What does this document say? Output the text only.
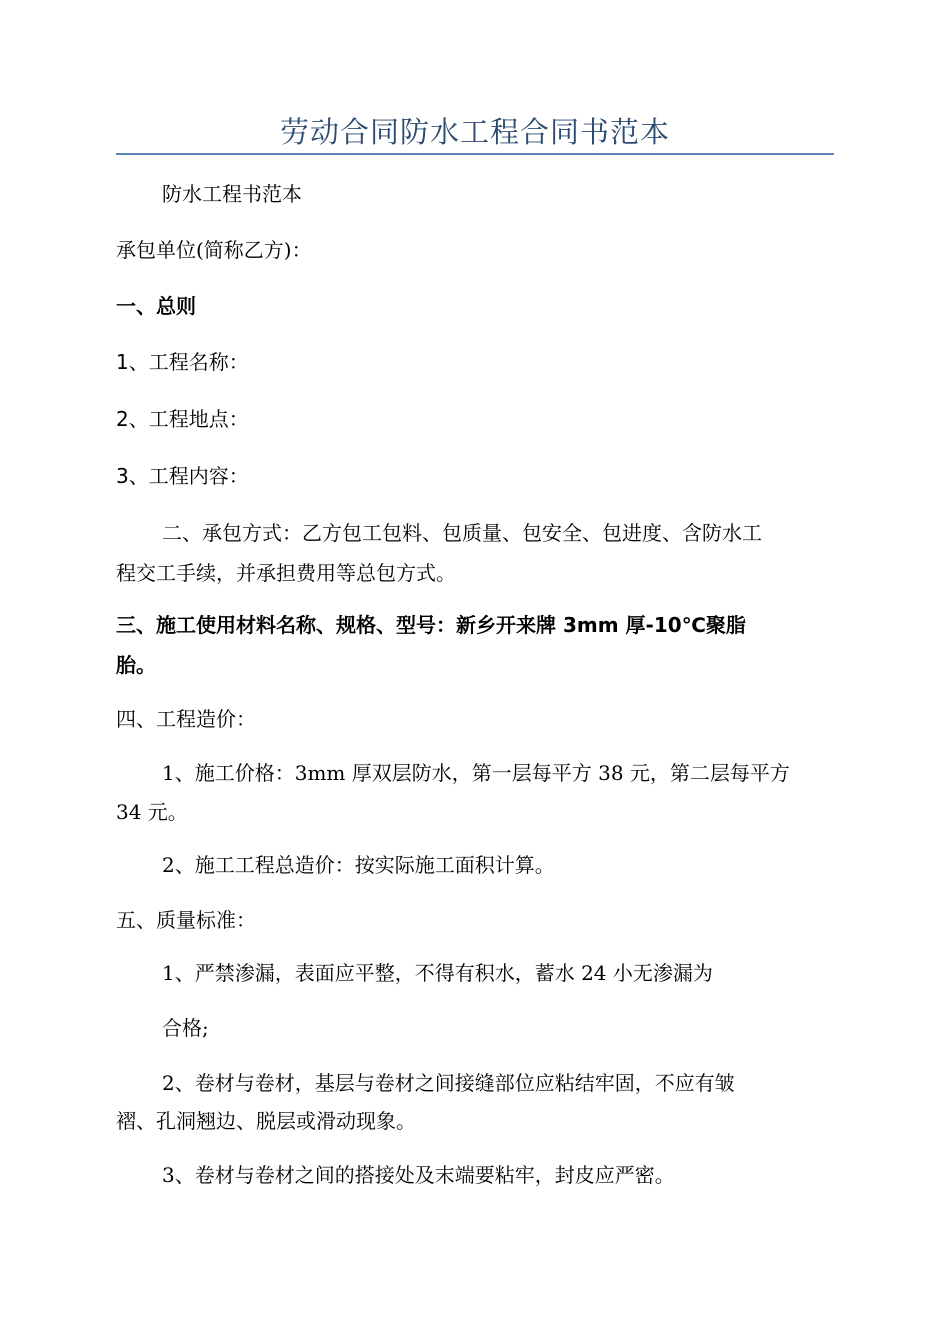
劳动合同防水工程合同书范本
防水工程书范本
承包单位(简称乙方)：
一、总则
1、工程名称：
2、工程地点：
3、工程内容：
二、承包方式：乙方包工包料、包质量、包安全、包进度、含防水工
程交工手续，并承担费用等总包方式。
三、施工使用材料名称、规格、型号：新乡开来牌 3mm 厚-10℃聚脂
胎。
四、工程造价：
1、施工价格：3mm 厚双层防水，第一层每平方 38 元，第二层每平方
34 元。
2、施工工程总造价：按实际施工面积计算。
五、质量标准：
1、严禁渗漏，表面应平整，不得有积水，蓄水 24 小无渗漏为
合格;
2、卷材与卷材，基层与卷材之间接缝部位应粘结牢固，不应有皱
褶、孔洞翘边、脱层或滑动现象。
3、卷材与卷材之间的搭接处及末端要粘牢，封皮应严密。
